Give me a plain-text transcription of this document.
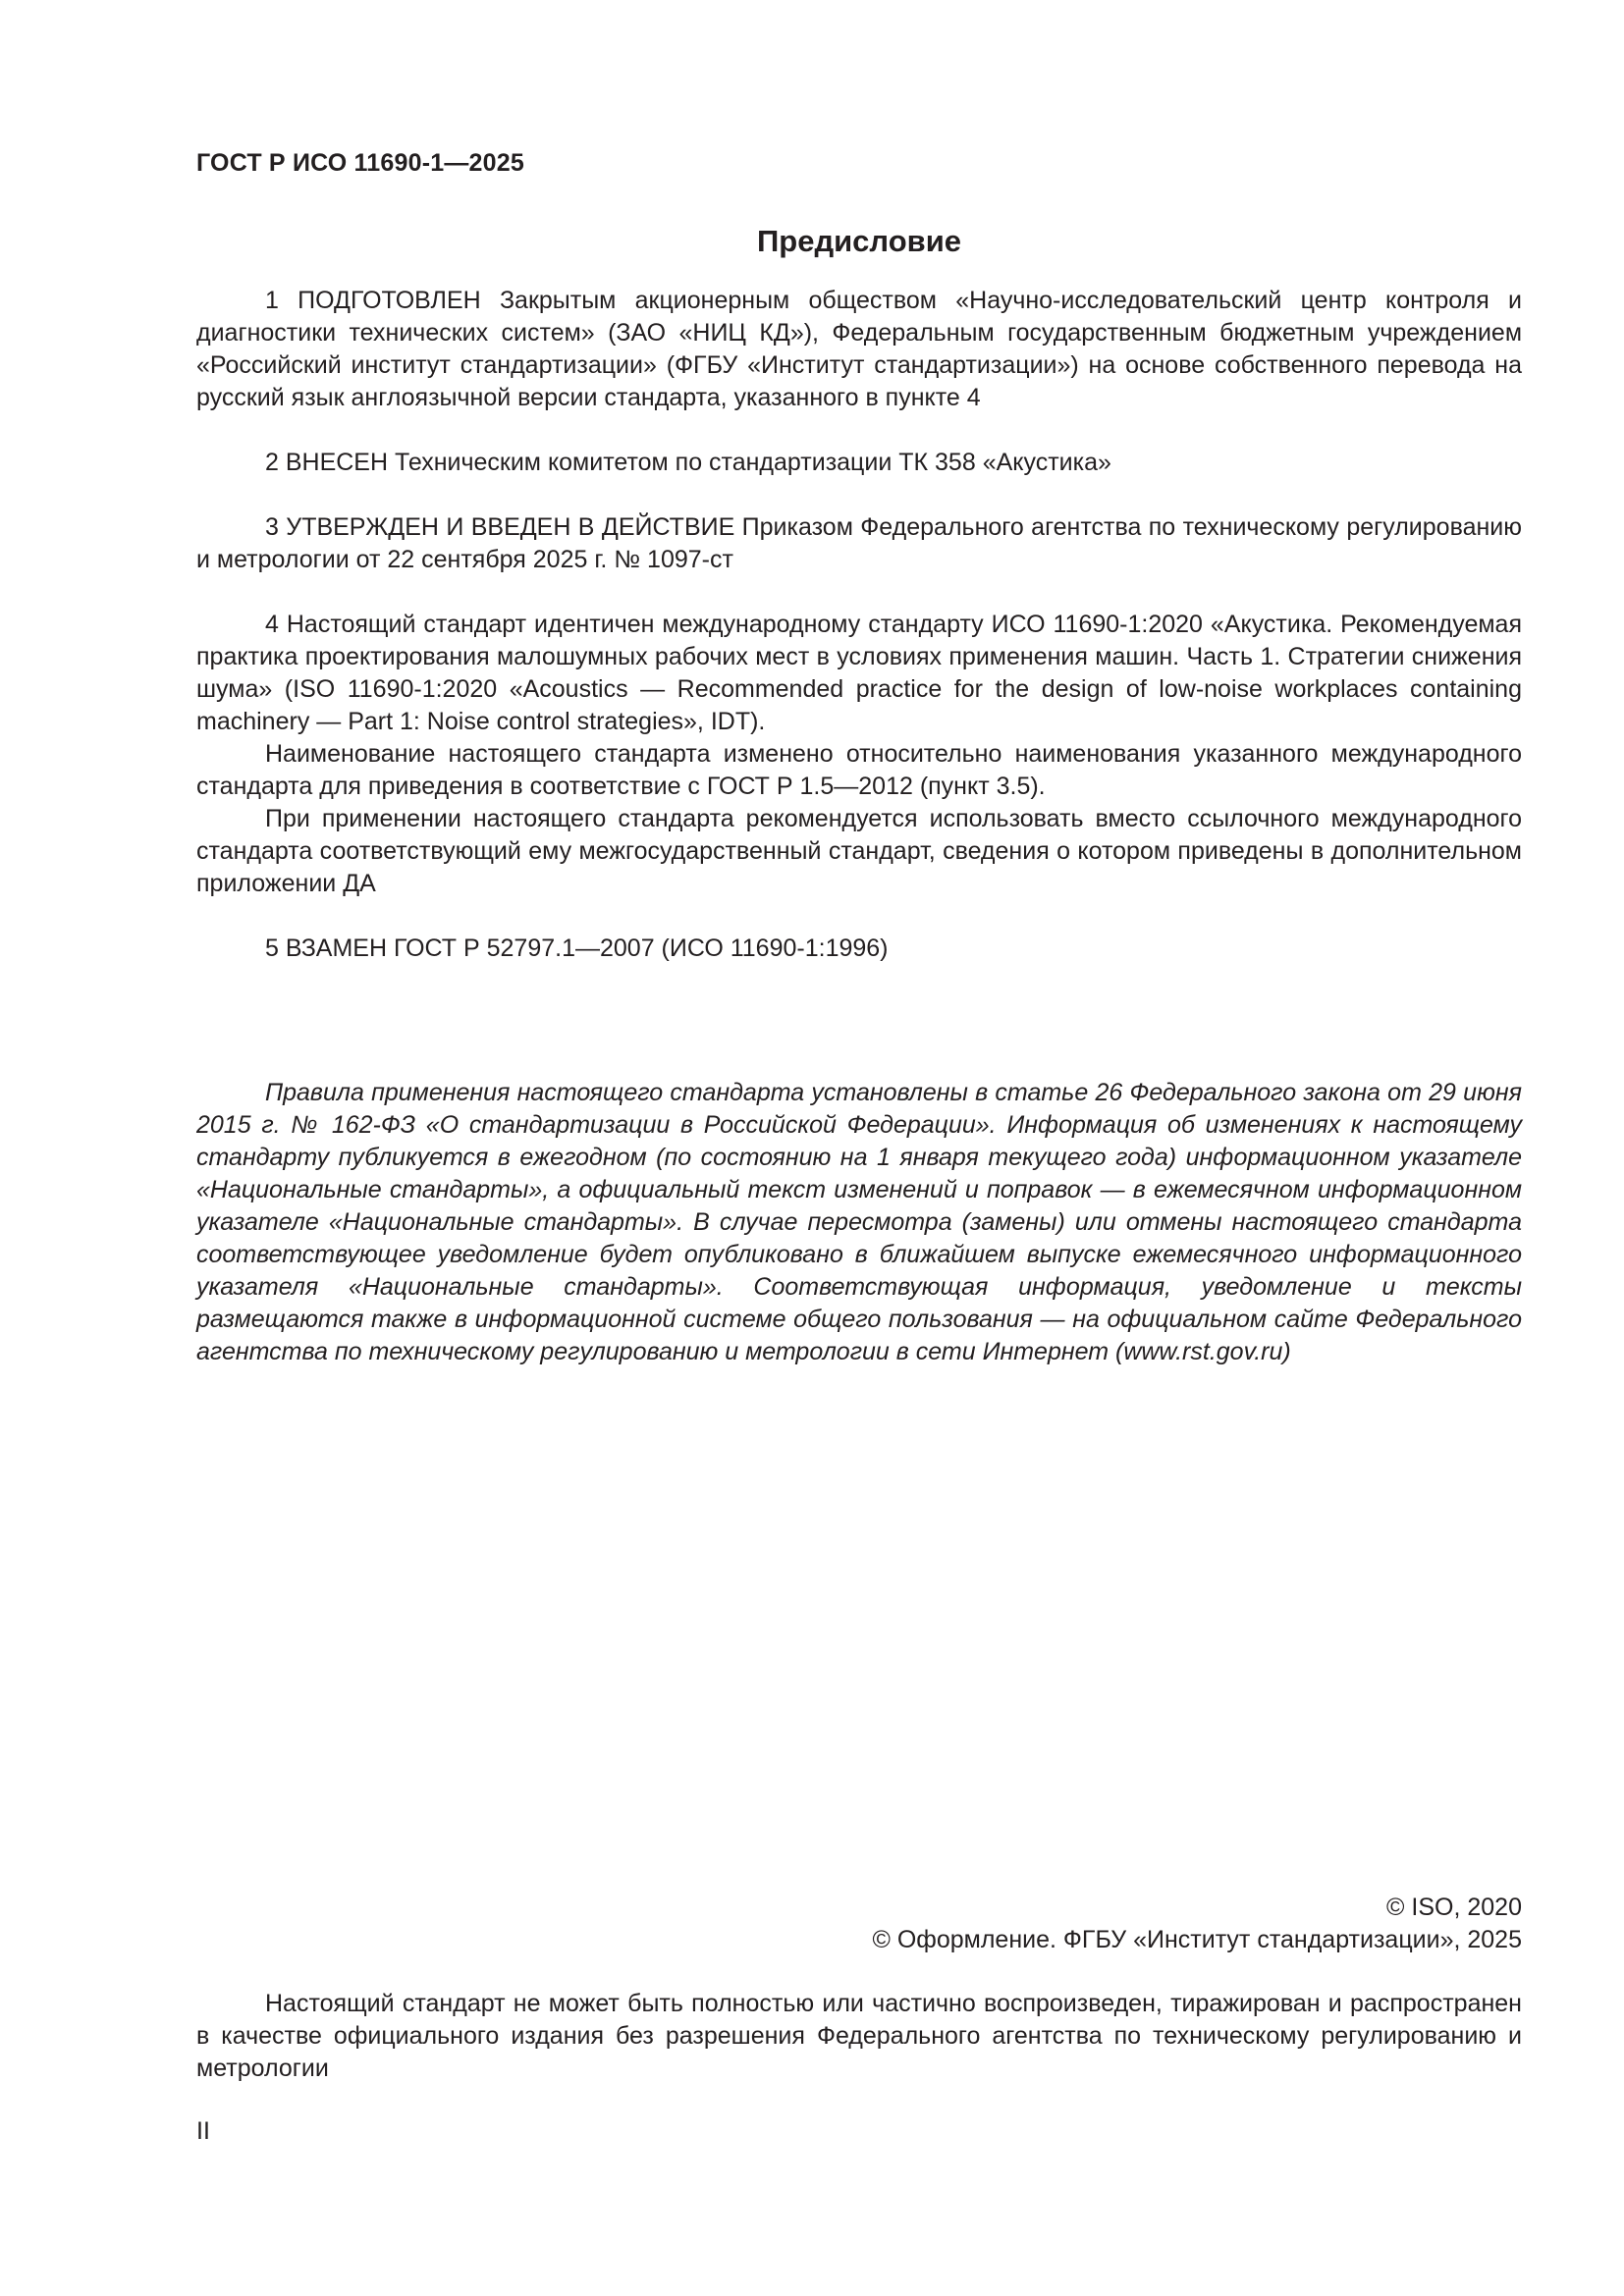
ГОСТ Р ИСО 11690-1—2025
Предисловие

1 ПОДГОТОВЛЕН Закрытым акционерным обществом «Научно-исследовательский центр контроля и диагностики технических систем» (ЗАО «НИЦ КД»), Федеральным государственным бюджетным учреждением «Российский институт стандартизации» (ФГБУ «Институт стандартизации») на основе собственного перевода на русский язык англоязычной версии стандарта, указанного в пункте 4

2 ВНЕСЕН Техническим комитетом по стандартизации ТК 358 «Акустика»

3 УТВЕРЖДЕН И ВВЕДЕН В ДЕЙСТВИЕ Приказом Федерального агентства по техническому регулированию и метрологии от 22 сентября 2025 г. № 1097-ст

4 Настоящий стандарт идентичен международному стандарту ИСО 11690-1:2020 «Акустика. Рекомендуемая практика проектирования малошумных рабочих мест в условиях применения машин. Часть 1. Стратегии снижения шума» (ISO 11690-1:2020 «Acoustics — Recommended practice for the design of low-noise workplaces containing machinery — Part 1: Noise control strategies», IDT).

Наименование настоящего стандарта изменено относительно наименования указанного международного стандарта для приведения в соответствие с ГОСТ Р 1.5—2012 (пункт 3.5).

При применении настоящего стандарта рекомендуется использовать вместо ссылочного международного стандарта соответствующий ему межгосударственный стандарт, сведения о котором приведены в дополнительном приложении ДА

5 ВЗАМЕН ГОСТ Р 52797.1—2007 (ИСО 11690-1:1996)

Правила применения настоящего стандарта установлены в статье 26 Федерального закона от 29 июня 2015 г. № 162-ФЗ «О стандартизации в Российской Федерации». Информация об изменениях к настоящему стандарту публикуется в ежегодном (по состоянию на 1 января текущего года) информационном указателе «Национальные стандарты», а официальный текст изменений и поправок — в ежемесячном информационном указателе «Национальные стандарты». В случае пересмотра (замены) или отмены настоящего стандарта соответствующее уведомление будет опубликовано в ближайшем выпуске ежемесячного информационного указателя «Национальные стандарты». Соответствующая информация, уведомление и тексты размещаются также в информационной системе общего пользования — на официальном сайте Федерального агентства по техническому регулированию и метрологии в сети Интернет (www.rst.gov.ru)

© ISO, 2020
© Оформление. ФГБУ «Институт стандартизации», 2025

Настоящий стандарт не может быть полностью или частично воспроизведен, тиражирован и распространен в качестве официального издания без разрешения Федерального агентства по техническому регулированию и метрологии

II
